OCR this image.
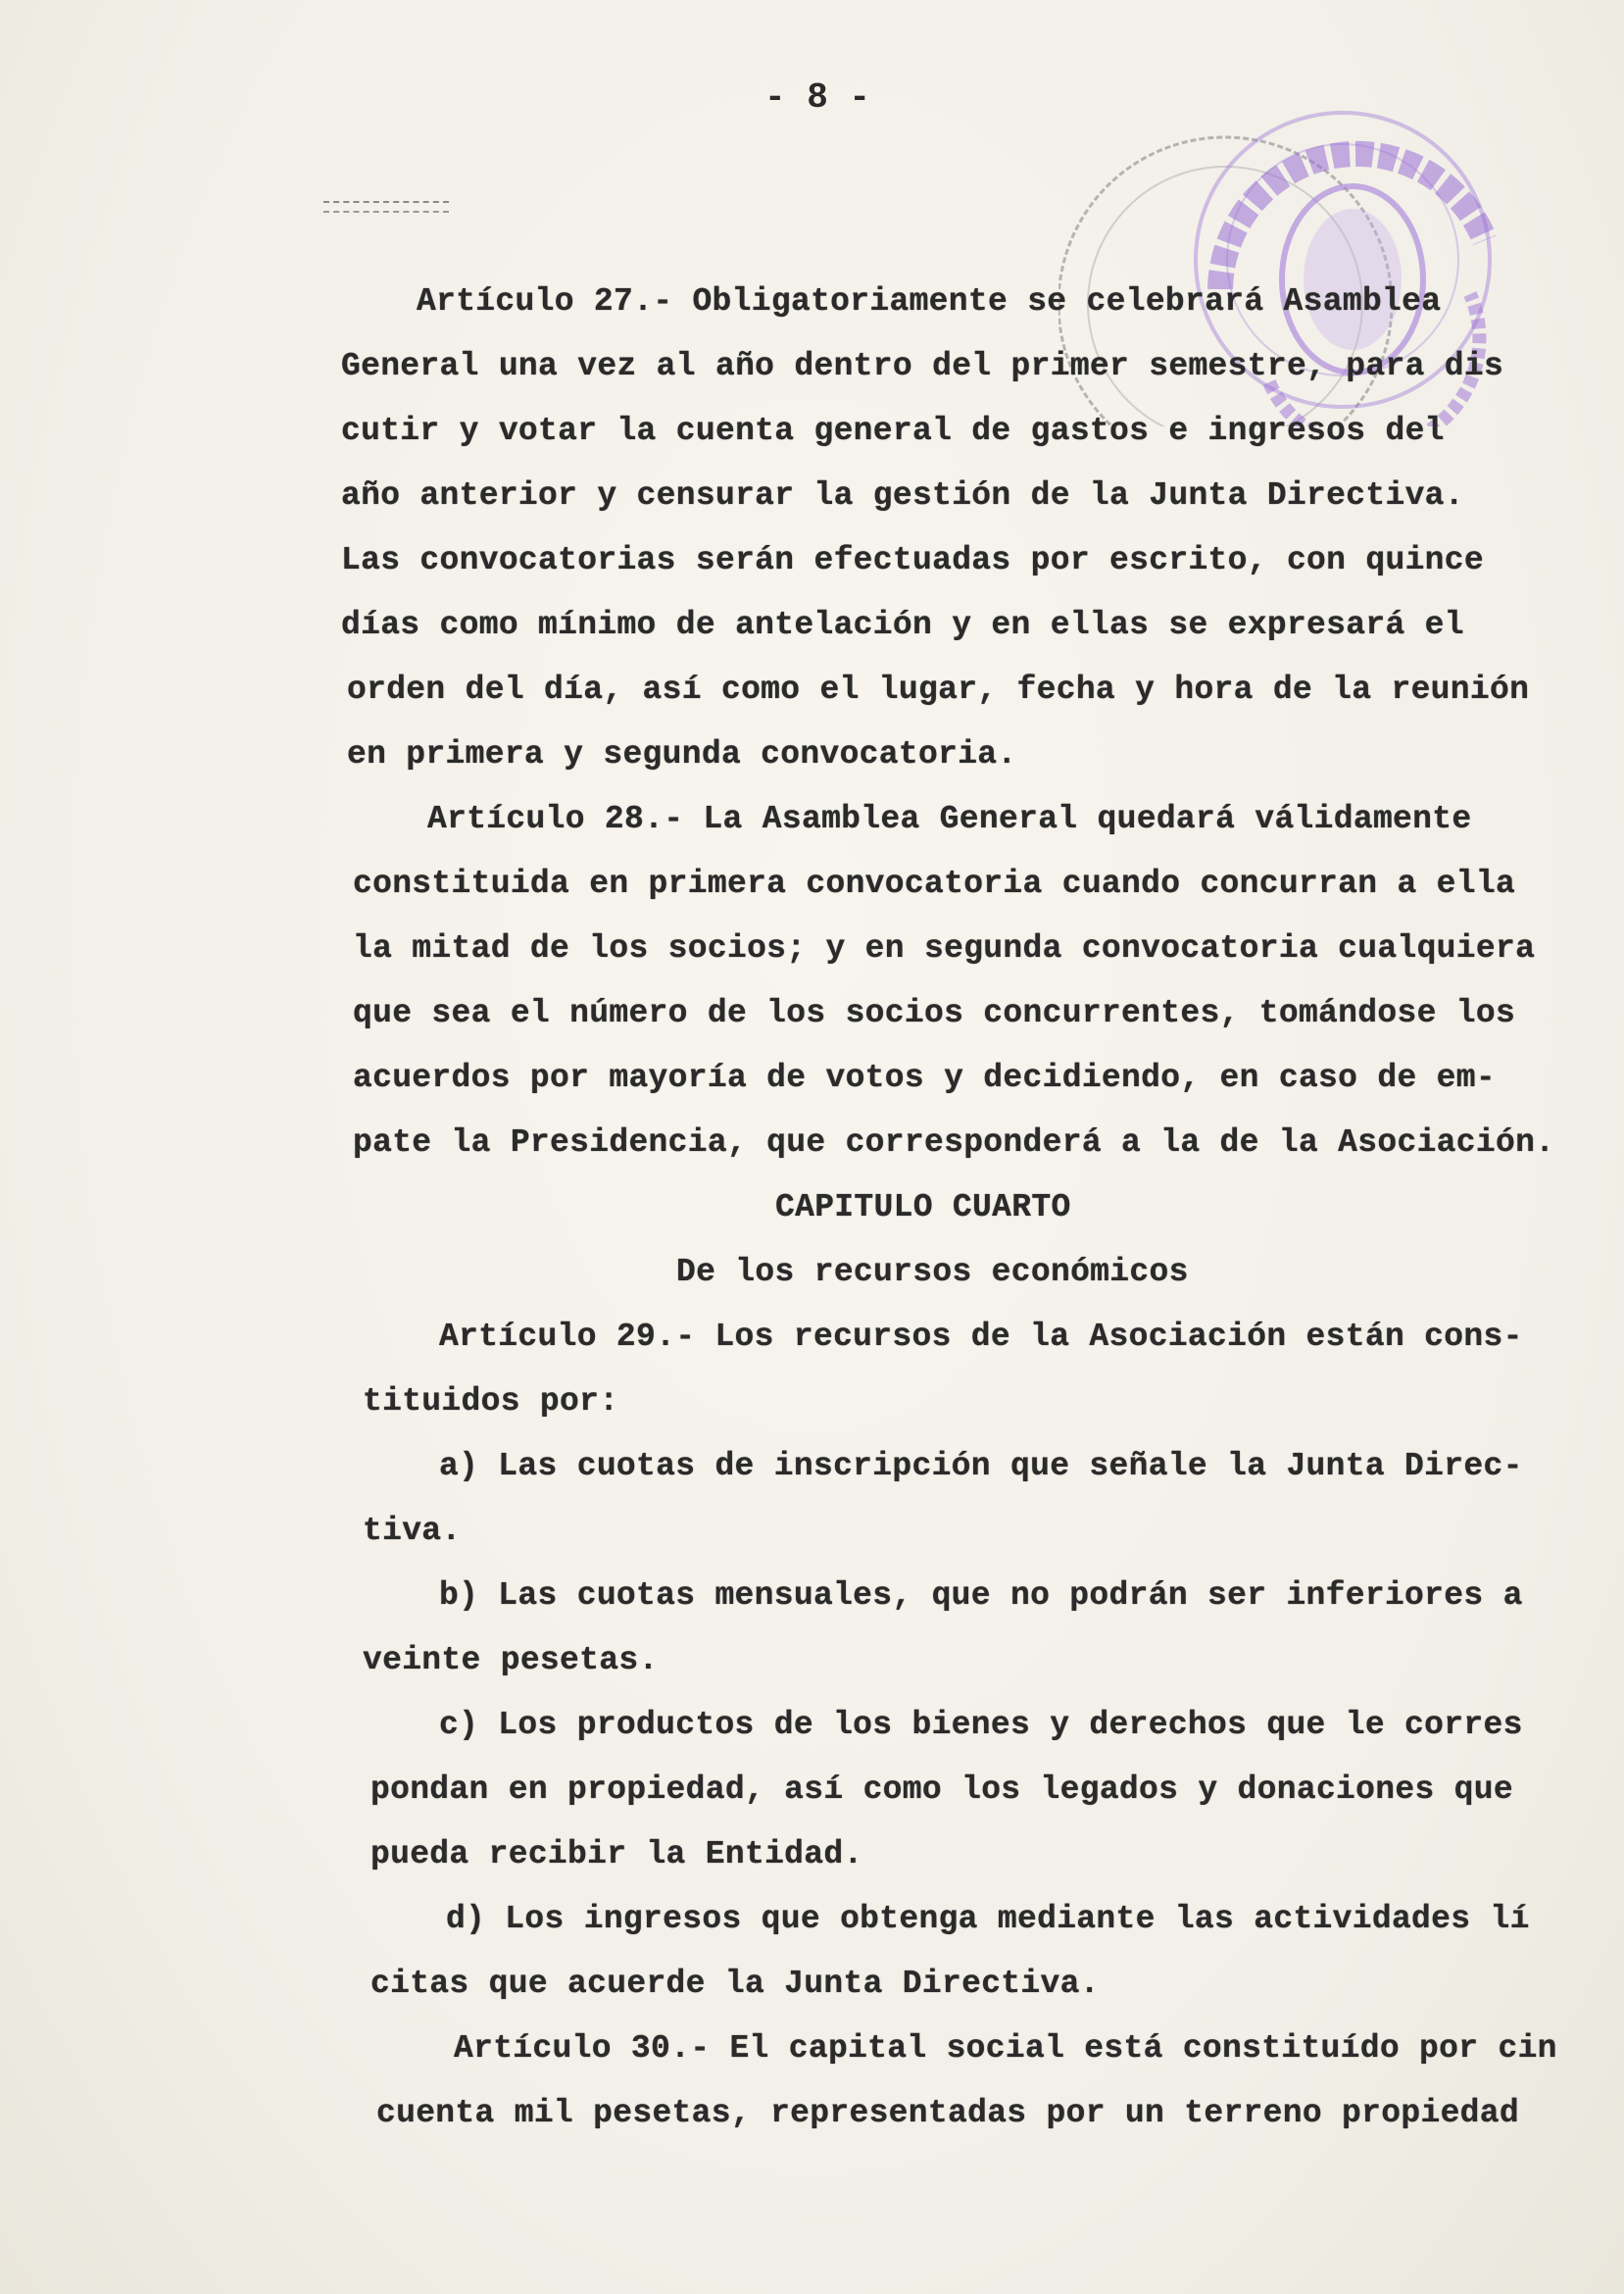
- 8 -
Artículo 27.- Obligatoriamente se celebrará Asamblea
General una vez al año dentro del primer semestre, para dis
cutir y votar la cuenta general de gastos e ingresos del
año anterior y censurar la gestión de la Junta Directiva.
Las convocatorias serán efectuadas por escrito, con quince
días como mínimo de antelación y en ellas se expresará el
orden del día, así como el lugar, fecha y hora de la reunión
en primera y segunda convocatoria.
Artículo 28.- La Asamblea General quedará válidamente
constituida en primera convocatoria cuando concurran a ella
la mitad de los socios; y en segunda convocatoria cualquiera
que sea el número de los socios concurrentes, tomándose los
acuerdos por mayoría de votos y decidiendo, en caso de em-
pate la Presidencia, que corresponderá a la de la Asociación.
CAPITULO CUARTO
De los recursos económicos
Artículo 29.- Los recursos de la Asociación están cons-
tituidos por:
a) Las cuotas de inscripción que señale la Junta Direc-
tiva.
b) Las cuotas mensuales, que no podrán ser inferiores a
veinte pesetas.
c) Los productos de los bienes y derechos que le corres
pondan en propiedad, así como los legados y donaciones que
pueda recibir la Entidad.
d) Los ingresos que obtenga mediante las actividades lí
citas que acuerde la Junta Directiva.
Artículo 30.- El capital social está constituído por cin
cuenta mil pesetas, representadas por un terreno propiedad
